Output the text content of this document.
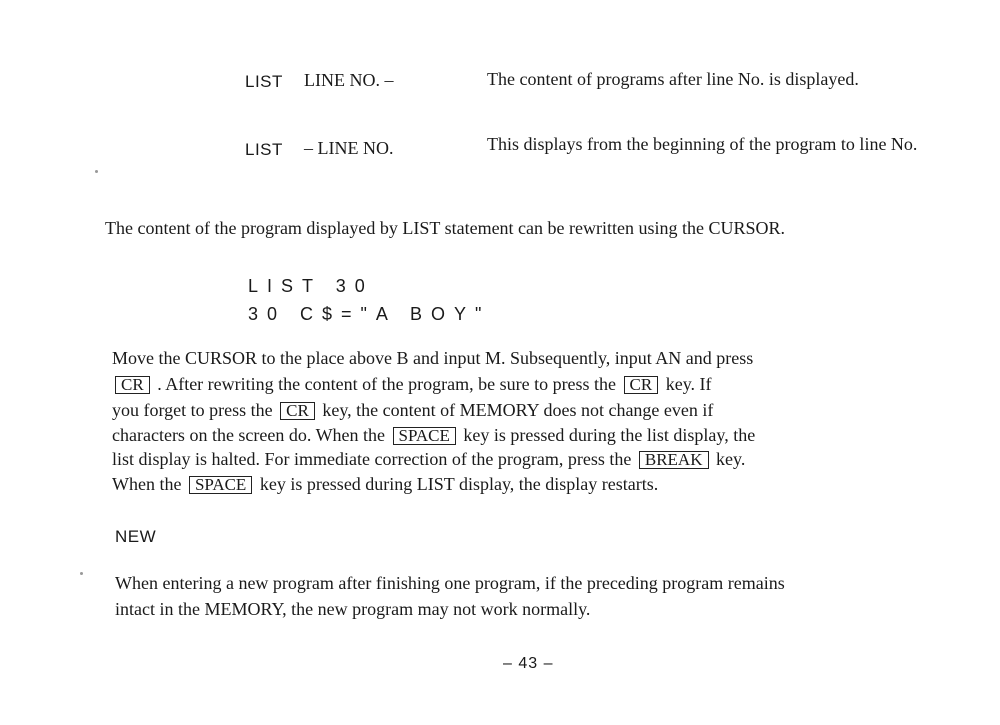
LIST LINE NO. –	The content of programs after line No. is displayed.
LIST – LINE NO.	This displays from the beginning of the program to line No.
The content of the program displayed by LIST statement can be rewritten using the CURSOR.
LIST 30
30 C$="A BOY"
Move the CURSOR to the place above B and input M. Subsequently, input AN and press
CR . After rewriting the content of the program, be sure to press the CR key. If
you forget to press the CR key, the content of MEMORY does not change even if
characters on the screen do. When the SPACE key is pressed during the list display, the
list display is halted. For immediate correction of the program, press the BREAK key.
When the SPACE key is pressed during LIST display, the display restarts.
NEW
When entering a new program after finishing one program, if the preceding program remains
intact in the MEMORY, the new program may not work normally.
– 43 –
